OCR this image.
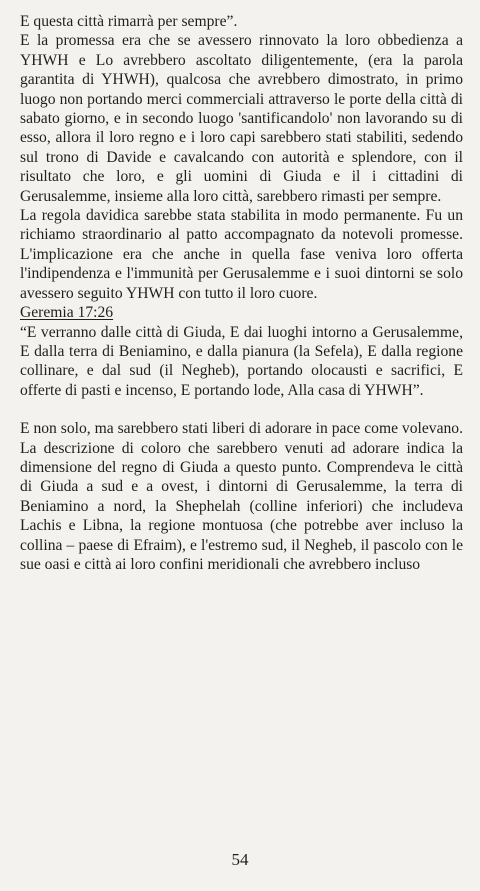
E questa città rimarrà per sempre”.

E la promessa era che se avessero rinnovato la loro obbedienza a YHWH e Lo avrebbero ascoltato diligentemente, (era la parola garantita di YHWH), qualcosa che avrebbero dimostrato, in primo luogo non portando merci commerciali attraverso le porte della città di sabato giorno, e in secondo luogo 'santificandolo' non lavorando su di esso, allora il loro regno e i loro capi sarebbero stati stabiliti, sedendo sul trono di Davide e cavalcando con autorità e splendore, con il risultato che loro, e gli uomini di Giuda e il i cittadini di Gerusalemme, insieme alla loro città, sarebbero rimasti per sempre.

La regola davidica sarebbe stata stabilita in modo permanente. Fu un richiamo straordinario al patto accompagnato da notevoli promesse. L'implicazione era che anche in quella fase veniva loro offerta l'indipendenza e l'immunità per Gerusalemme e i suoi dintorni se solo avessero seguito YHWH con tutto il loro cuore.

Geremia 17:26

“E verranno dalle città di Giuda, E dai luoghi intorno a Gerusalemme, E dalla terra di Beniamino, e dalla pianura (la Sefela), E dalla regione collinare, e dal sud (il Negheb), portando olocausti e sacrifici, E offerte di pasti e incenso, E portando lode, Alla casa di YHWH”.

E non solo, ma sarebbero stati liberi di adorare in pace come volevano. La descrizione di coloro che sarebbero venuti ad adorare indica la dimensione del regno di Giuda a questo punto. Comprendeva le città di Giuda a sud e a ovest, i dintorni di Gerusalemme, la terra di Beniamino a nord, la Shephelah (colline inferiori) che includeva Lachis e Libna, la regione montuosa (che potrebbe aver incluso la collina – paese di Efraim), e l'estremo sud, il Negheb, il pascolo con le sue oasi e città ai loro confini meridionali che avrebbero incluso

54
